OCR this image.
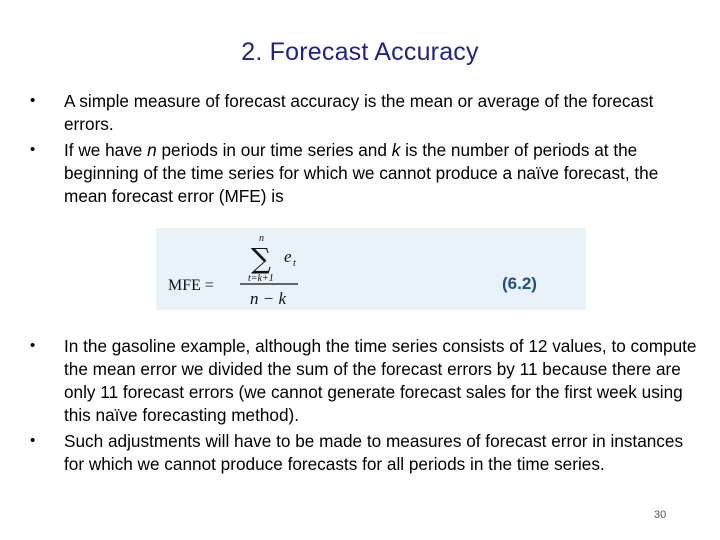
2. Forecast Accuracy
• A simple measure of forecast accuracy is the mean or average of the forecast errors.
• If we have n periods in our time series and k is the number of periods at the beginning of the time series for which we cannot produce a naïve forecast, the mean forecast error (MFE) is
MFE =
n
∑
t=k+1
e t
n − k
(6.2)
• In the gasoline example, although the time series consists of 12 values, to compute the mean error we divided the sum of the forecast errors by 11 because there are only 11 forecast errors (we cannot generate forecast sales for the first week using this naïve forecasting method).
• Such adjustments will have to be made to measures of forecast error in instances for which we cannot produce forecasts for all periods in the time series.
30
